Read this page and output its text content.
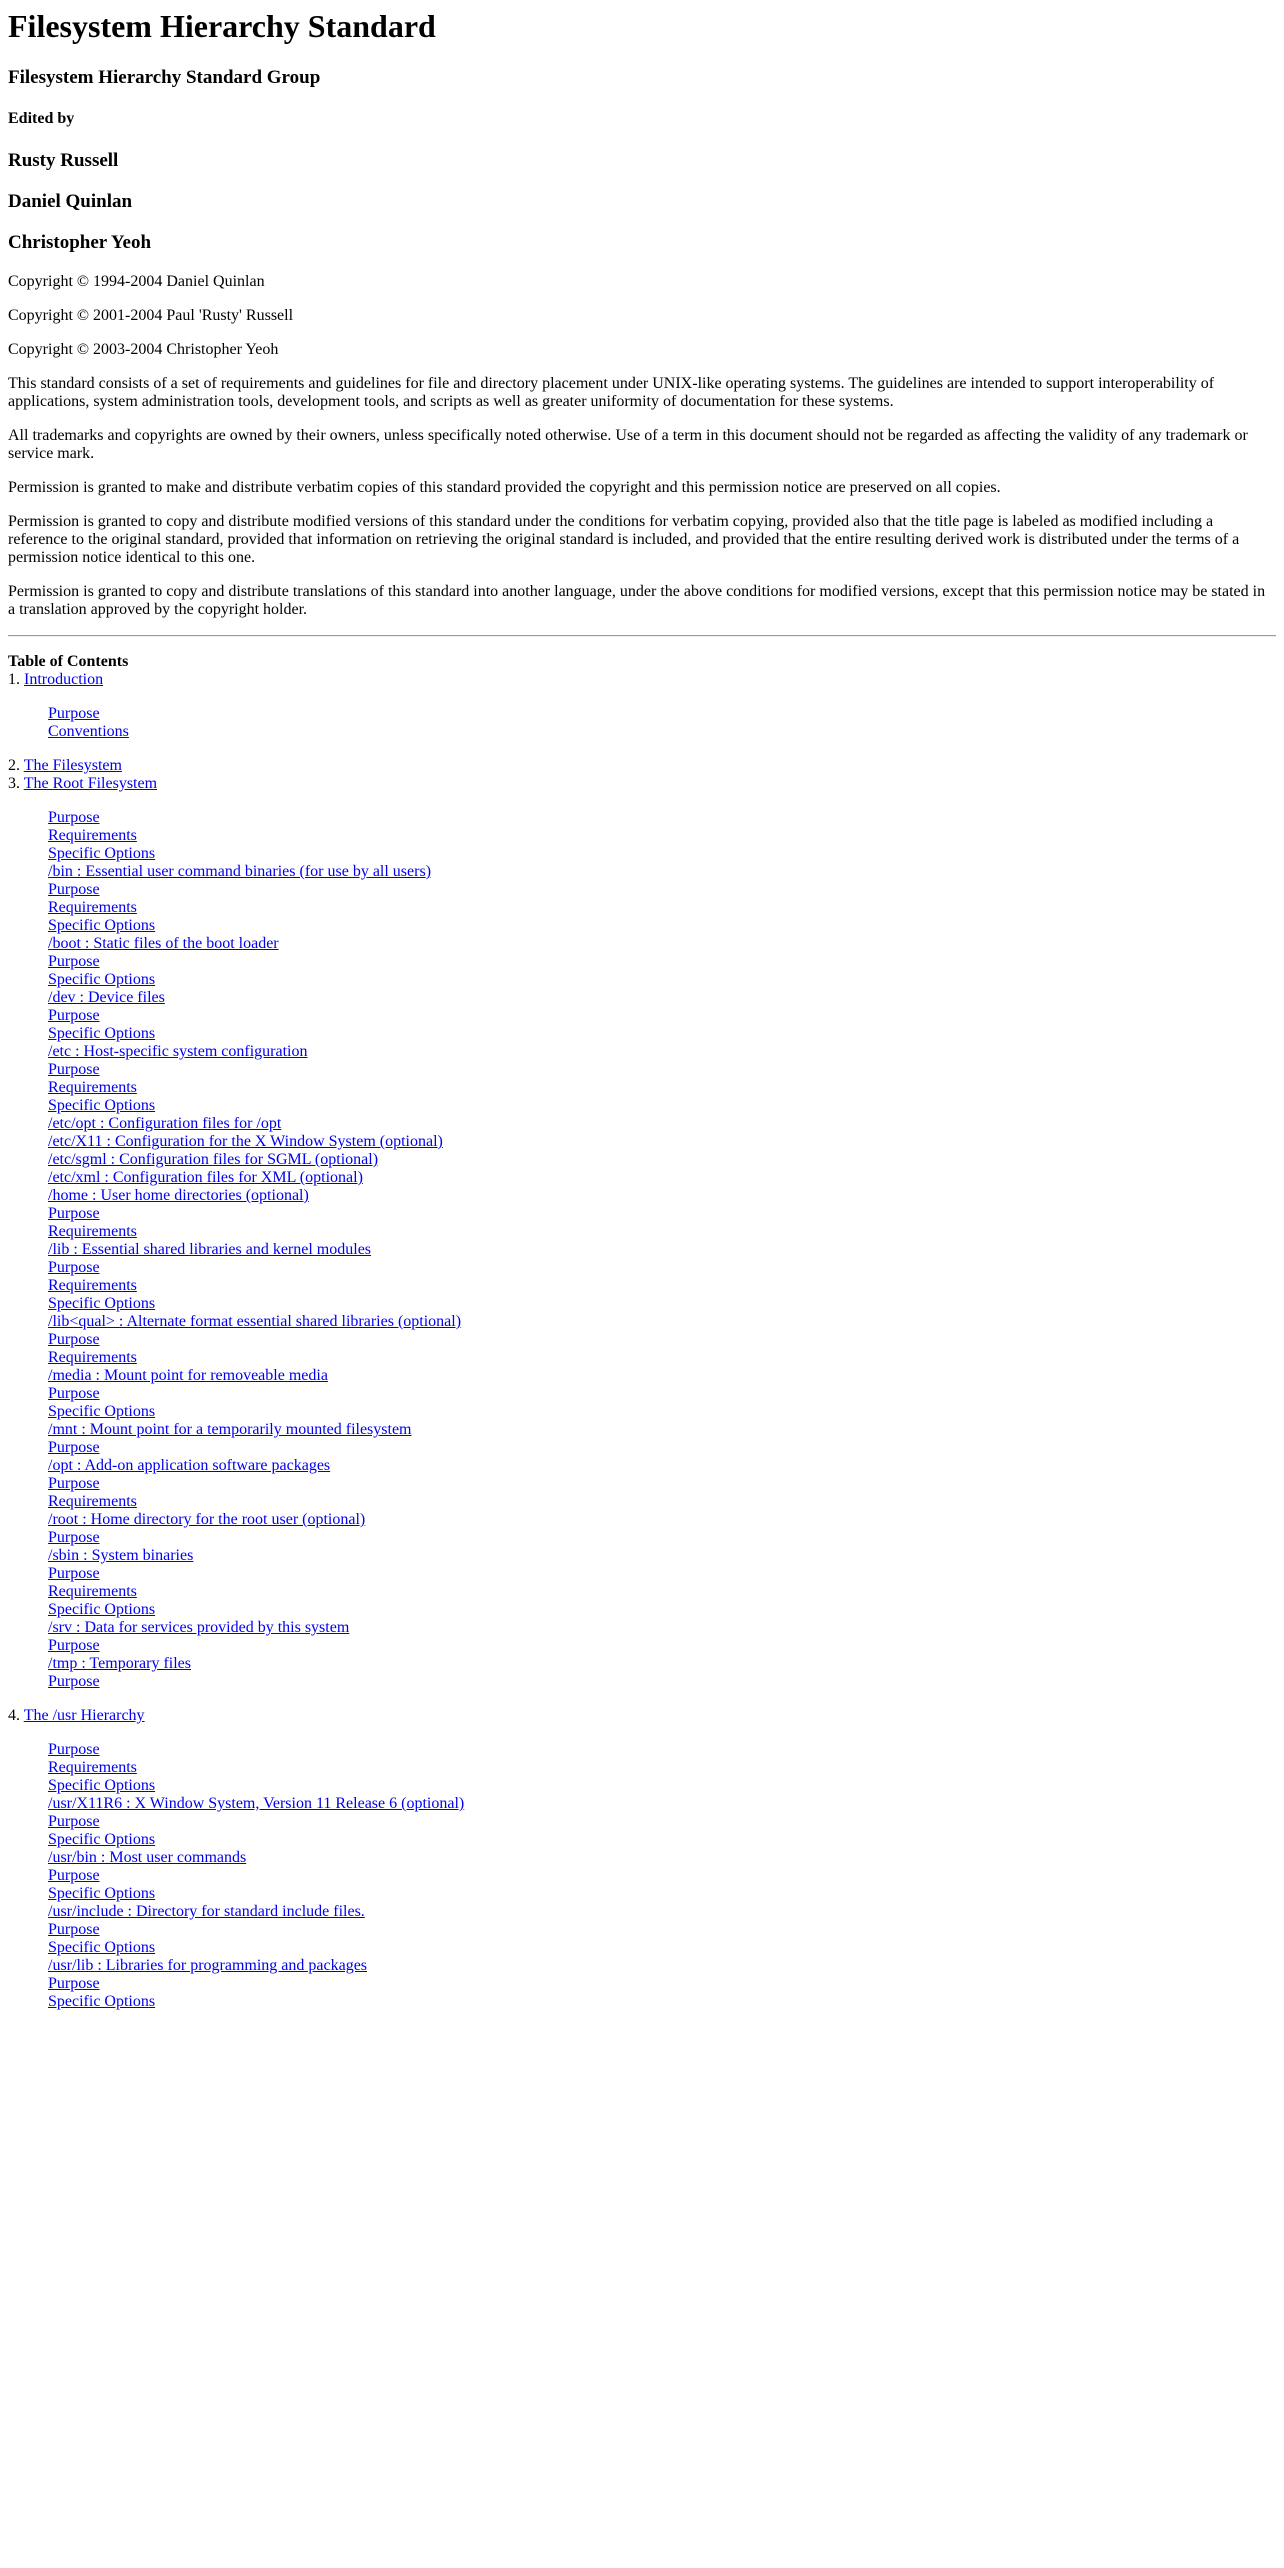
Filesystem Hierarchy Standard
Filesystem Hierarchy Standard Group
Edited by
Rusty Russell
Daniel Quinlan
Christopher Yeoh

Copyright © 1994-2004 Daniel Quinlan

Copyright © 2001-2004 Paul 'Rusty' Russell

Copyright © 2003-2004 Christopher Yeoh

This standard consists of a set of requirements and guidelines for file and directory placement under UNIX-like operating systems. The guidelines are intended to support interoperability of applications, system administration tools, development tools, and scripts as well as greater uniformity of documentation for these systems.

All trademarks and copyrights are owned by their owners, unless specifically noted otherwise. Use of a term in this document should not be regarded as affecting the validity of any trademark or service mark.

Permission is granted to make and distribute verbatim copies of this standard provided the copyright and this permission notice are preserved on all copies.

Permission is granted to copy and distribute modified versions of this standard under the conditions for verbatim copying, provided also that the title page is labeled as modified including a reference to the original standard, provided that information on retrieving the original standard is included, and provided that the entire resulting derived work is distributed under the terms of a permission notice identical to this one.

Permission is granted to copy and distribute translations of this standard into another language, under the above conditions for modified versions, except that this permission notice may be stated in a translation approved by the copyright holder.

Table of Contents
1. Introduction
Purpose
Conventions
2. The Filesystem
3. The Root Filesystem
Purpose
Requirements
Specific Options
/bin : Essential user command binaries (for use by all users)
Purpose
Requirements
Specific Options
/boot : Static files of the boot loader
Purpose
Specific Options
/dev : Device files
Purpose
Specific Options
/etc : Host-specific system configuration
Purpose
Requirements
Specific Options
/etc/opt : Configuration files for /opt
/etc/X11 : Configuration for the X Window System (optional)
/etc/sgml : Configuration files for SGML (optional)
/etc/xml : Configuration files for XML (optional)
/home : User home directories (optional)
Purpose
Requirements
/lib : Essential shared libraries and kernel modules
Purpose
Requirements
Specific Options
/lib<qual> : Alternate format essential shared libraries (optional)
Purpose
Requirements
/media : Mount point for removeable media
Purpose
Specific Options
/mnt : Mount point for a temporarily mounted filesystem
Purpose
/opt : Add-on application software packages
Purpose
Requirements
/root : Home directory for the root user (optional)
Purpose
/sbin : System binaries
Purpose
Requirements
Specific Options
/srv : Data for services provided by this system
Purpose
/tmp : Temporary files
Purpose
4. The /usr Hierarchy
Purpose
Requirements
Specific Options
/usr/X11R6 : X Window System, Version 11 Release 6 (optional)
Purpose
Specific Options
/usr/bin : Most user commands
Purpose
Specific Options
/usr/include : Directory for standard include files.
Purpose
Specific Options
/usr/lib : Libraries for programming and packages
Purpose
Specific Options
